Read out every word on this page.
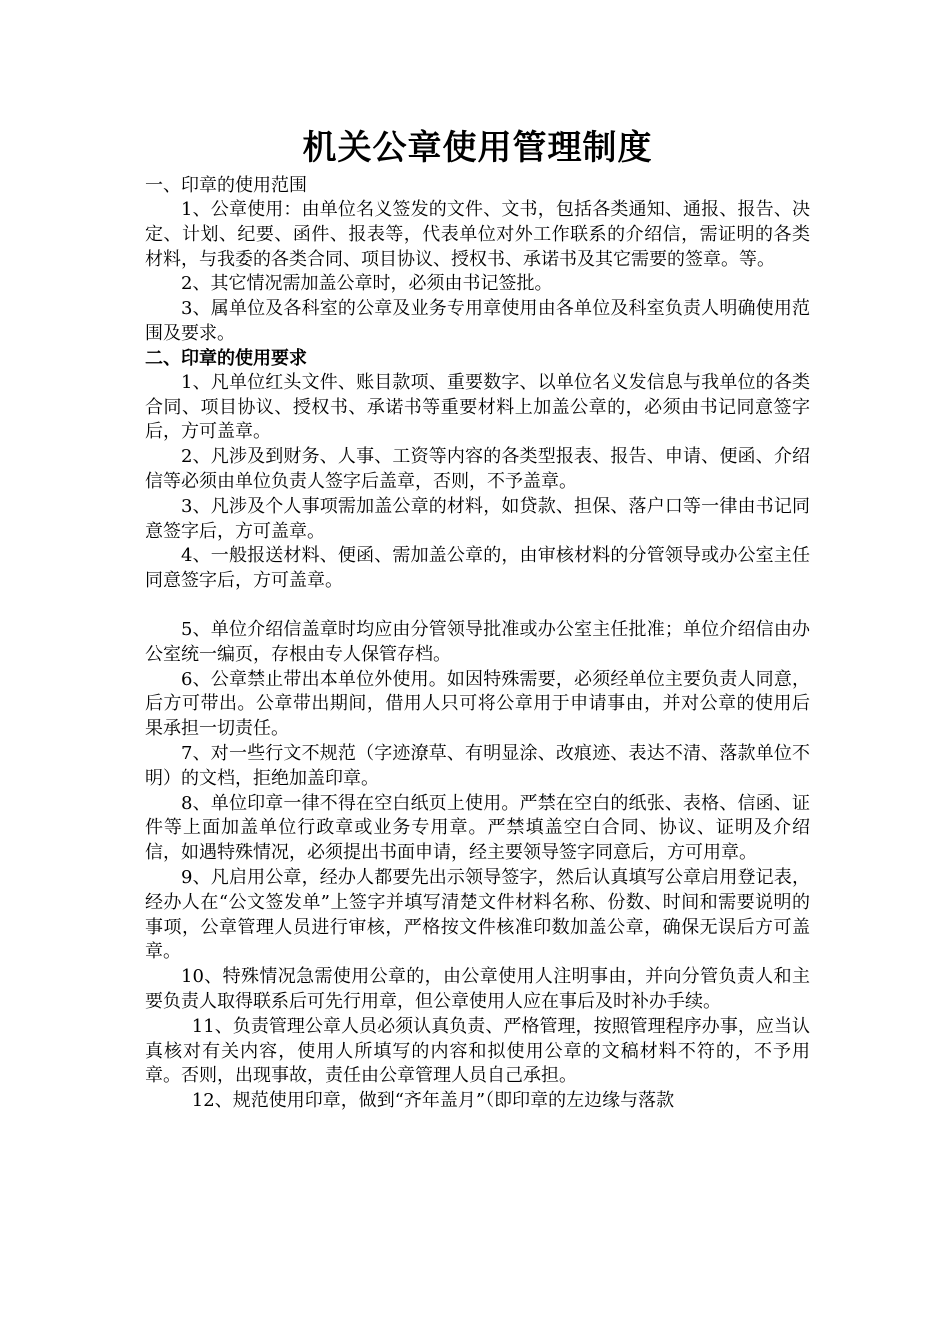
机关公章使用管理制度

一、印章的使用范围

1、公章使用：由单位名义签发的文件、文书，包括各类通知、通报、报告、决定、计划、纪要、函件、报表等，代表单位对外工作联系的介绍信，需证明的各类材料，与我委的各类合同、项目协议、授权书、承诺书及其它需要的签章。等。

2、其它情况需加盖公章时，必须由书记签批。

3、属单位及各科室的公章及业务专用章使用由各单位及科室负责人明确使用范围及要求。

二、印章的使用要求

1、凡单位红头文件、账目款项、重要数字、以单位名义发信息与我单位的各类合同、项目协议、授权书、承诺书等重要材料上加盖公章的，必须由书记同意签字后，方可盖章。

2、凡涉及到财务、人事、工资等内容的各类型报表、报告、申请、便函、介绍信等必须由单位负责人签字后盖章，否则，不予盖章。

3、凡涉及个人事项需加盖公章的材料，如贷款、担保、落户口等一律由书记同意签字后，方可盖章。

4、一般报送材料、便函、需加盖公章的，由审核材料的分管领导或办公室主任同意签字后，方可盖章。

5、单位介绍信盖章时均应由分管领导批准或办公室主任批准；单位介绍信由办公室统一编页，存根由专人保管存档。

6、公章禁止带出本单位外使用。如因特殊需要，必须经单位主要负责人同意，后方可带出。公章带出期间，借用人只可将公章用于申请事由，并对公章的使用后果承担一切责任。

7、对一些行文不规范（字迹潦草、有明显涂、改痕迹、表达不清、落款单位不明）的文档，拒绝加盖印章。

8、单位印章一律不得在空白纸页上使用。严禁在空白的纸张、表格、信函、证件等上面加盖单位行政章或业务专用章。严禁填盖空白合同、协议、证明及介绍信，如遇特殊情况，必须提出书面申请，经主要领导签字同意后，方可用章。

9、凡启用公章，经办人都要先出示领导签字，然后认真填写公章启用登记表，经办人在“公文签发单”上签字并填写清楚文件材料名称、份数、时间和需要说明的事项，公章管理人员进行审核，严格按文件核准印数加盖公章，确保无误后方可盖章。

10、特殊情况急需使用公章的，由公章使用人注明事由，并向分管负责人和主要负责人取得联系后可先行用章，但公章使用人应在事后及时补办手续。

11、负责管理公章人员必须认真负责、严格管理，按照管理程序办事，应当认真核对有关内容，使用人所填写的内容和拟使用公章的文稿材料不符的，不予用章。否则，出现事故，责任由公章管理人员自己承担。

12、规范使用印章，做到“齐年盖月”（即印章的左边缘与落款
